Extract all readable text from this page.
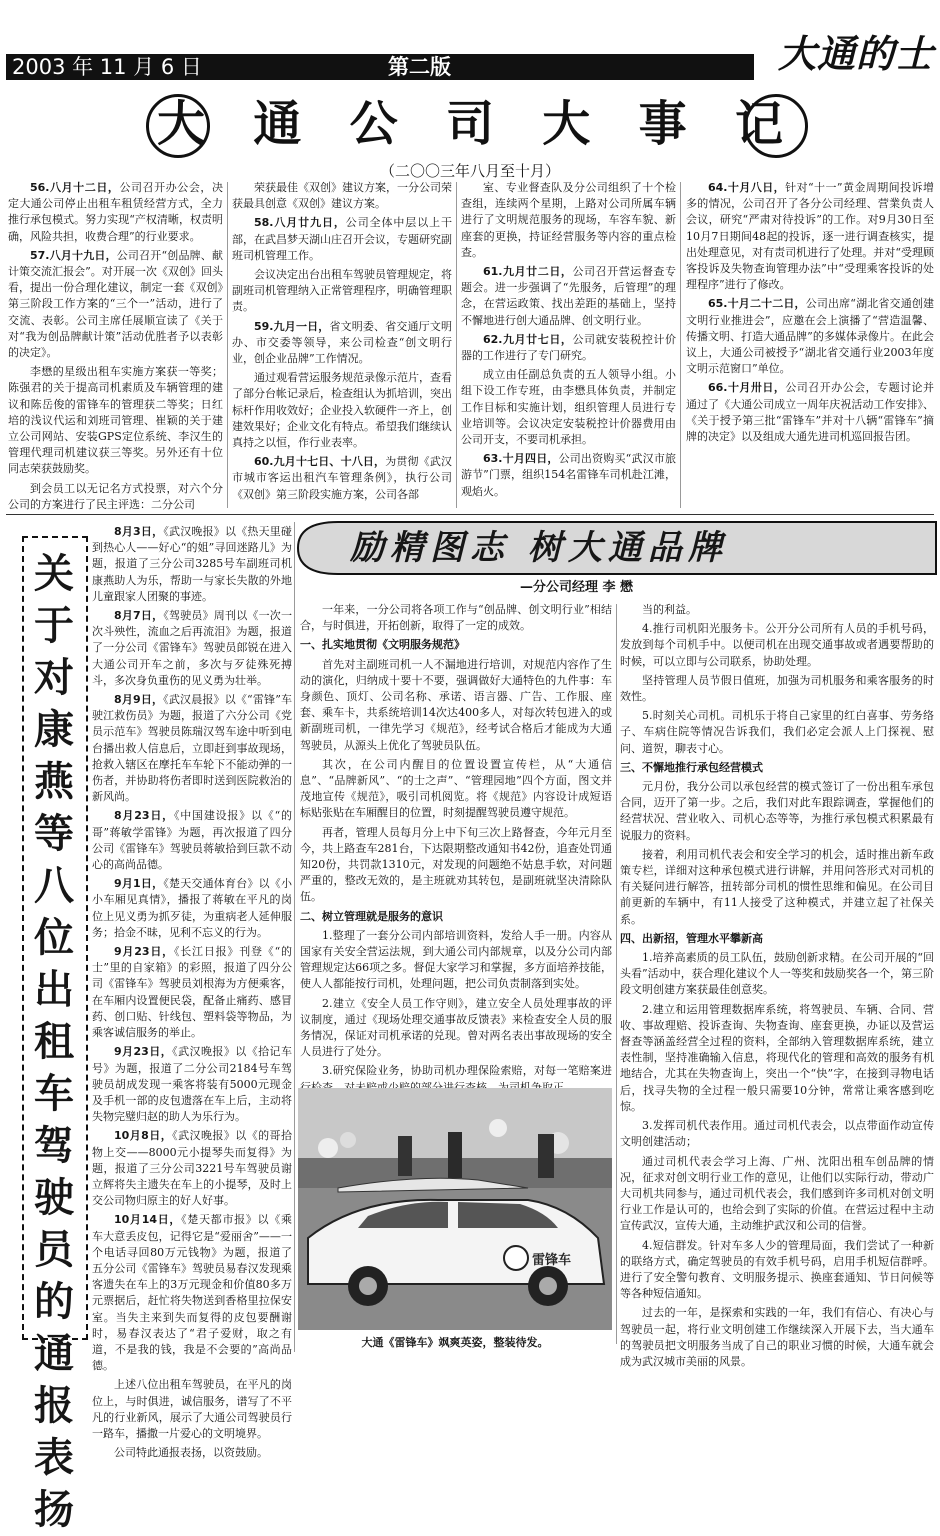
2003 年 11 月 6 日	第二版	大通的士
大 通 公 司 大 事 记
（二〇〇三年八月至十月）

56.八月十二日，公司召开办公会，决定大通公司停止出租车租赁经营方式，全力推行承包模式。努力实现“产权清晰，权责明确，风险共担，收费合理”的行业要求。

57.八月十九日，公司召开“创品牌、献计策交流汇报会”。对开展一次《双创》回头看，提出一份合理化建议，制定一套《双创》第三阶段工作方案的“三个一”活动，进行了交流、表彰。公司主席任展顺宣读了《关于对“我为创品牌献计策”活动优胜者予以表彰的决定》。

李懋的星级出租车实施方案获一等奖；陈强君的关于提高司机素质及车辆管理的建议和陈岳俊的雷锋车的管理获二等奖；日红培的浅议代运和刘班司管理、崔颖的关于建立公司网站、安装GPS定位系统、李汉生的管理代理司机建议获三等奖。另外还有十位同志荣获鼓励奖。

到会员工以无记名方式投票，对六个分公司的方案进行了民主评选：二分公司

荣获最佳《双创》建议方案，一分公司荣获最具创意《双创》建议方案。

58.八月廿九日，公司全体中层以上干部，在武昌梦天湖山庄召开会议，专题研究副班司机管理工作。

会议决定出台出租车驾驶员管理规定，将副班司机管理纳入正常管理程序，明确管理职责。

59.九月一日，省文明委、省交通厅文明办、市交委等领导，来公司检查“创文明行业，创企业品牌”工作情况。

通过观看营运服务规范录像示范片，查看了部分台帐记录后，检查组认为抓培训，突出标杆作用收效好；企业投入软硬件一齐上，创建效果好；企业文化有特点。希望我们继续认真持之以恒，作行业表率。

60.九月十七日、十八日，为贯彻《武汉市城市客运出租汽车管理条例》，执行公司《双创》第三阶段实施方案，公司各部

室、专业督查队及分公司组织了十个检查组，连续两个星期，上路对公司所属车辆进行了文明规范服务的现场，车容车貌、新座套的更换，持证经营服务等内容的重点检查。

61.九月廿二日，公司召开营运督查专题会。进一步强调了“先服务，后管理”的理念，在营运政策、找出差距的基础上，坚持不懈地进行创大通品牌、创文明行业。

62.九月廿七日，公司就安装税控计价器的工作进行了专门研究。

成立由任副总负责的五人领导小组。小组下设工作专班，由李懋具体负责，并制定工作目标和实施计划，组织管理人员进行专业培训等。会议决定安装税控计价器费用由公司开支，不要司机承担。

63.十月四日，公司出资购买“武汉市旅游节”门票，组织154名雷锋车司机赴江滩，观焰火。

64.十月八日，针对“十一”黄金周期间投诉增多的情况，公司召开了各分公司经理、营業负责人会议，研究“严肃对待投诉”的工作。对9月30日至10月7日期间48起的投诉，逐一进行调查核实，提出处理意见，对有责司机进行了处理。并对“受理顾客投诉及失物查询管理办法”中“受理乘客投诉的处理程序”进行了修改。

65.十月二十二日，公司出席“湖北省交通创建文明行业推进会”，应邀在会上演播了“营造温馨、传播文明、打造大通品牌”的多媒体录像片。在此会议上，大通公司被授予“湖北省交通行业2003年度文明示范窗口”单位。

66.十月卅日，公司召开办公会，专题讨论并通过了《大通公司成立一周年庆祝活动工作安排》、《关于授予第三批“雷锋车”并对十八辆“雷锋车”摘牌的决定》以及组成大通先进司机巡回报告团。

关于对康燕等八位出租车驾驶员的通报表扬

8月3日，《武汉晚报》以《热天里碰到热心人——好心“的姐”寻回迷路儿》为题，报道了三分公司3285号车副班司机康燕助人为乐，帮助一与家长失散的外地儿童跟家人团聚的事迹。

8月7日，《驾驶员》周刊以《一次一次斗殃性，流血之后再流泪》为题，报道了一分公司《雷锋车》驾驶员郎锐在进入大通公司开车之前，多次与歹徒殊死搏斗，多次身负重伤的见义勇为壮举。

8月9日，《武汉晨报》以《“雷锋”车驶江救伤员》为题，报道了六分公司《党员示范车》驾驶员陈瑞汉驾车途中听到电台播出救人信息后，立即赶到事故现场，抢救入辖区在摩托车车轮下不能动弹的一伤者，并协助将伤者即时送到医院救治的新风尚。

8月23日，《中国建设报》以《“的哥”蒋敏学雷锋》为题，再次报道了四分公司《雷锋车》驾驶员蒋敏拾到巨款不动心的高尚品德。

9月1日，《楚天交通体育台》以《小小车厢见真情》，播报了蒋敏在平凡的岗位上见义勇为抓歹徒，为重病老人延伸服务；拾金不昧，见利不忘义的行为。

9月23日，《长江日报》刊登《“的士”里的自家箱》的彩照，报道了四分公司《雷锋车》驾驶员刘根海为方便乘客，在车厢内设置便民袋，配备止痛药、感冒药、创口贴、针线包、塑料袋等物品，为乘客诚信服务的举止。

9月23日，《武汉晚报》以《拾记车号》为题，报道了二分公司2184号车驾驶员胡成发现一乘客将装有5000元现金及手机一部的皮包遗落在车上后，主动将失物完璧归赵的助人为乐行为。

10月8日，《武汉晚报》以《的哥拾物上交——8000元小提琴失而复得》为题，报道了三分公司3221号车驾驶员谢立辉将失主遗失在车上的小提琴，及时上交公司物归原主的好人好事。

10月14日，《楚天都市报》以《乘车大意丢皮包，记得它是“爱丽舍”——一个电话寻回80万元钱物》为题，报道了五分公司《雷锋车》驾驶员易春汉发现乘客遗失在车上的3万元现金和价值80多万元票据后，赶忙将失物送到香格里拉保安室。当失主来到失而复得的皮包要酬谢时，易春汉表达了“君子爱财，取之有道，不是我的钱，我是不会要的”高尚品德。

上述八位出租车驾驶员，在平凡的岗位上，与时俱进，诚信服务，谱写了不平凡的行业新风，展示了大通公司驾驶员行一路车，播撒一片爱心的文明境界。

公司特此通报表扬，以资鼓励。

励精图志 树大通品牌
—分公司经理 李 懋

一年来，一分公司将各项工作与“创品牌、创文明行业”相结合，与时俱进，开拓创新，取得了一定的成效。

一、扎实地贯彻《文明服务规范》

首先对主副班司机一人不漏地进行培训，对规范内容作了生动的演化，归纳成十要十不要，强调做好大通特色的九件事：车身颜色、顶灯、公司名称、承诺、语言器、广告、工作服、座套、乘车卡，共系统培训14次达400多人，对每次转包进入的或新副班司机，一律先学习《规范》，经考试合格后才能成为大通驾驶员，从源头上优化了驾驶员队伍。

其次，在公司内醒目的位置设置宣传栏，从“大通信息”、“品牌新风”、“的士之声”、“管理园地”四个方面，图文并茂地宣传《规范》，吸引司机阅览。将《规范》内容设计成短语标贴张贴在车厢醒目的位置，时刻提醒驾驶员遵守规范。

再者，管理人员每月分上中下旬三次上路督查，今年元月至今，共上路查车281台，下达限期整改通知书42份，追查处罚通知20份，共罚款1310元，对发现的问题绝不姑息手软，对问题严重的，整改无效的，是主班就劝其转包，是副班就坚决清除队伍。

二、树立管理就是服务的意识

1.整理了一套分公司内部培训资料，发给人手一册。内容从国家有关安全营运法规，到大通公司内部规章，以及分公司内部管理规定达66项之多。督促大家学习和掌握，多方面培养技能，使人人都能按行司机，处理问题，把公司负责制落到实处。

2.建立《安全人员工作守则》，建立安全人员处理事故的评议制度，通过《现场处理交通事故反馈表》来检查安全人员的服务情况，保证对司机承诺的兑现。曾对两名表出事故现场的安全人员进行了处分。

3.研究保险业务，协助司机办理保险索赔，对每一笔赔案进

当的利益。

4.推行司机阳光服务卡。公开分公司所有人员的手机号码，发放到每个司机手中。以便司机在出现交通事故或者遇要帮助的时候，可以立即与公司联系，协助处理。

坚持管理人员节假日值班，加强为司机服务和乘客服务的时效性。

5.时刻关心司机。司机乐于将自己家里的红白喜事、劳务络子、车病住院等情况告诉我们，我们必定会派人上门探视、慰问、道贺，聊表寸心。

三、不懈地推行承包经营模式

元月份，我分公司以承包经营的模式签订了一份出租车承包合同，迈开了第一步。之后，我们对此车跟踪调查，掌握他们的经营状况、营业收入、司机心态等等，为推行承包模式积累最有说服力的资料。

接着，利用司机代表会和安全学习的机会，适时推出新车政策专栏，详细对这种承包模式进行讲解，并用问答形式对司机的有关疑问进行解答，扭转部分司机的惯性思维和偏见。在公司目前更新的车辆中，有11人接受了这种模式，并建立起了社保关系。

四、出新招，管理水平攀新高

1.培养高素质的员工队伍，鼓励创新求精。在公司开展的“回头看”活动中，获合理化建议个人一等奖和鼓励奖各一个，第三阶段文明创建方案获最佳创意奖。

2.建立和运用管理数据库系统，将驾驶员、车辆、合同、营收、事故理赔、投诉查询、失物查询、座套更换，办证以及营运督查等涵盖经营全过程的资料，全部纳入管理数据库系统，建立表性制，坚持准确输入信息，将现代化的管理和高效的服务有机地结合，尤其在失物查询上，突出一个“快”字，在接到寻物电话后，找寻失物的全过程一般只需要10分钟，常常让乘客感到吃惊。

3.发挥司机代表作用。通过司机代表会，以点带面作动宣传文明创建活动；

通过司机代表会学习上海、广州、沈阳出租车创品牌的情况，征求对创文明行业工作的意见，让他们以实际行动，带动广大司机共同参与，通过司机代表会，我们感到许多司机对创文明行业工作是认可的，也给会到了实际的价值。在营运过程中主动宣传武汉，宣传大通，主动维护武汉和公司的信誉。

4.短信群发。针对车多人少的管理局面，我们尝试了一种新的联络方式，确定驾驶员的有效手机号码，启用手机短信群呼。进行了安全警句教育、文明服务提示、换座套通知、节日问候等等各种短信通知。

过去的一年，是探索和实践的一年，我们有信心、有决心与驾驶员一起，将行业文明创建工作继续深入开展下去，当大通车的驾驶员把文明服务当成了自己的职业习惯的时候，大通车就会成为武汉城市美丽的风景。

雷锋车
大通《雷锋车》飒爽英姿，整装待发。
